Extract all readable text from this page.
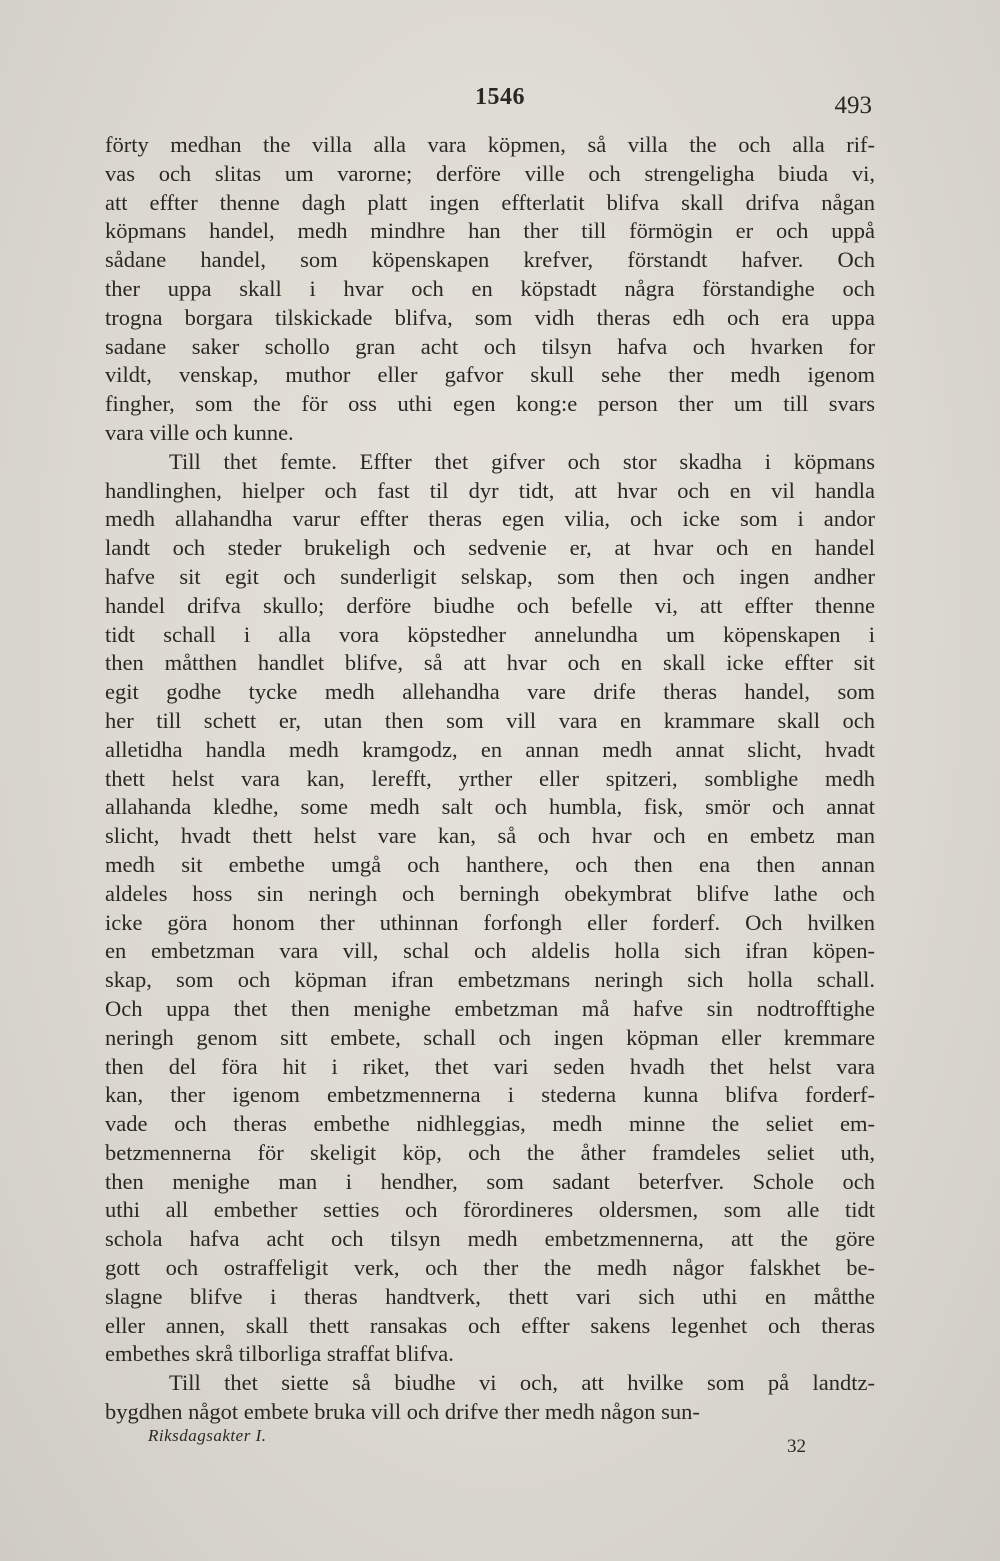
1546	493
förty medhan the villa alla vara köpmen, så villa the och alla rif-
vas och slitas um varorne; derföre ville och strengeligha biuda vi,
att effter thenne dagh platt ingen effterlatit blifva skall drifva någan
köpmans handel, medh mindhre han ther till förmögin er och uppå
sådane handel, som köpenskapen krefver, förstandt hafver. Och
ther uppa skall i hvar och en köpstadt några förstandighe och
trogna borgara tilskickade blifva, som vidh theras edh och era uppa
sadane saker schollo gran acht och tilsyn hafva och hvarken for
vildt, venskap, muthor eller gafvor skull sehe ther medh igenom
fingher, som the för oss uthi egen kong:e person ther um till svars
vara ville och kunne.
Till thet femte. Effter thet gifver och stor skadha i köpmans
handlinghen, hielper och fast til dyr tidt, att hvar och en vil handla
medh allahandha varur effter theras egen vilia, och icke som i andor
landt och steder brukeligh och sedvenie er, at hvar och en handel
hafve sit egit och sunderligit selskap, som then och ingen andher
handel drifva skullo; derföre biudhe och befelle vi, att effter thenne
tidt schall i alla vora köpstedher annelundha um köpenskapen i
then måtthen handlet blifve, så att hvar och en skall icke effter sit
egit godhe tycke medh allehandha vare drife theras handel, som
her till schett er, utan then som vill vara en krammare skall och
alletidha handla medh kramgodz, en annan medh annat slicht, hvadt
thett helst vara kan, lerefft, yrther eller spitzeri, somblighe medh
allahanda kledhe, some medh salt och humbla, fisk, smör och annat
slicht, hvadt thett helst vare kan, så och hvar och en embetz man
medh sit embethe umgå och hanthere, och then ena then annan
aldeles hoss sin neringh och berningh obekymbrat blifve lathe och
icke göra honom ther uthinnan forfongh eller forderf. Och hvilken
en embetzman vara vill, schal och aldelis holla sich ifran köpen-
skap, som och köpman ifran embetzmans neringh sich holla schall.
Och uppa thet then menighe embetzman må hafve sin nodtrofftighe
neringh genom sitt embete, schall och ingen köpman eller kremmare
then del föra hit i riket, thet vari seden hvadh thet helst vara
kan, ther igenom embetzmennerna i stederna kunna blifva forderf-
vade och theras embethe nidhleggias, medh minne the seliet em-
betzmennerna för skeligit köp, och the åther framdeles seliet uth,
then menighe man i hendher, som sadant beterfver. Schole och
uthi all embether setties och förordineres oldersmen, som alle tidt
schola hafva acht och tilsyn medh embetzmennerna, att the göre
gott och ostraffeligit verk, och ther the medh någor falskhet be-
slagne blifve i theras handtverk, thett vari sich uthi en måtthe
eller annen, skall thett ransakas och effter sakens legenhet och theras
embethes skrå tilborliga straffat blifva.
Till thet siette så biudhe vi och, att hvilke som på landtz-
bygdhen något embete bruka vill och drifve ther medh någon sun-
Riksdagsakter I.
32
